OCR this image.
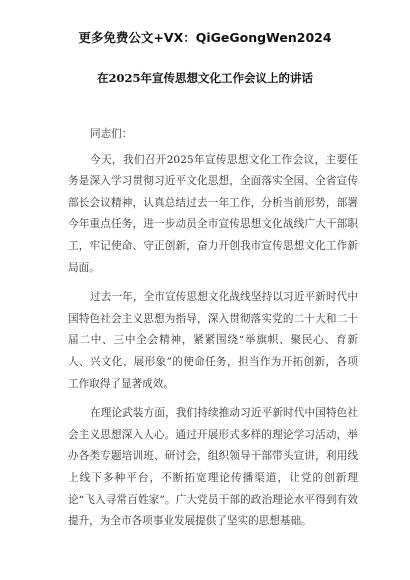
更多免费公文+VX：QiGeGongWen2024
在2025年宣传思想文化工作会议上的讲话

同志们：

今天，我们召开2025年宣传思想文化工作会议，主要任务是深入学习贯彻习近平文化思想，全面落实全国、全省宣传部长会议精神，认真总结过去一年工作，分析当前形势，部署今年重点任务，进一步动员全市宣传思想文化战线广大干部职工，牢记使命、守正创新，奋力开创我市宣传思想文化工作新局面。

过去一年，全市宣传思想文化战线坚持以习近平新时代中国特色社会主义思想为指导，深入贯彻落实党的二十大和二十届二中、三中全会精神，紧紧围绕“举旗帜、聚民心、育新人、兴文化、展形象”的使命任务，担当作为开拓创新，各项工作取得了显著成效。

在理论武装方面，我们持续推动习近平新时代中国特色社会主义思想深入人心。通过开展形式多样的理论学习活动，举办各类专题培训班、研讨会，组织领导干部带头宣讲，利用线上线下多种平台，不断拓宽理论传播渠道，让党的创新理论“飞入寻常百姓家”。广大党员干部的政治理论水平得到有效提升，为全市各项事业发展提供了坚实的思想基础。
